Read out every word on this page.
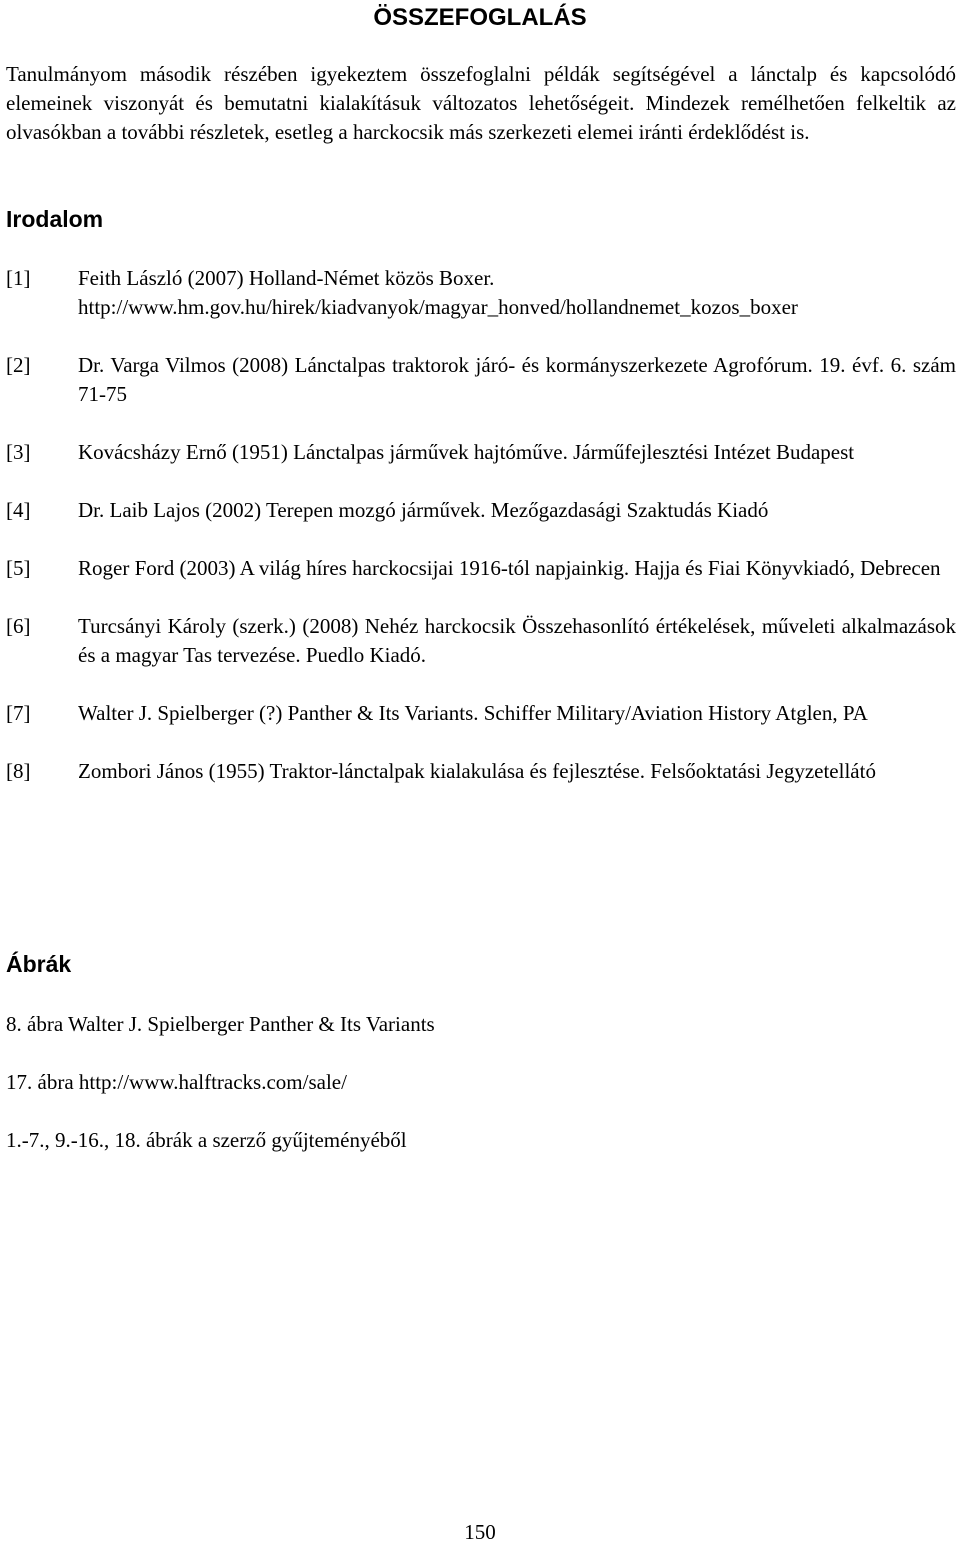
ÖSSZEFOGLALÁS

Tanulmányom második részében igyekeztem összefoglalni példák segítségével a lánctalp és kapcsolódó elemeinek viszonyát és bemutatni kialakításuk változatos lehetőségeit. Mindezek remélhetően felkeltik az olvasókban a további részletek, esetleg a harckocsik más szerkezeti elemei iránti érdeklődést is.

Irodalom
[1]	Feith László (2007) Holland-Német közös Boxer.
http://www.hm.gov.hu/hirek/kiadvanyok/magyar_honved/hollandnemet_kozos_boxer
[2]	Dr. Varga Vilmos (2008) Lánctalpas traktorok járó- és kormányszerkezete Agrofórum. 19. évf. 6. szám 71-75
[3]	Kovácsházy Ernő (1951) Lánctalpas járművek hajtóműve. Járműfejlesztési Intézet Budapest
[4]	Dr. Laib Lajos (2002) Terepen mozgó járművek. Mezőgazdasági Szaktudás Kiadó
[5]	Roger Ford (2003) A világ híres harckocsijai 1916-tól napjainkig. Hajja és Fiai Könyvkiadó, Debrecen
[6]	Turcsányi Károly (szerk.) (2008) Nehéz harckocsik Összehasonlító értékelések, műveleti alkalmazások és a magyar Tas tervezése. Puedlo Kiadó.
[7]	Walter J. Spielberger (?) Panther & Its Variants. Schiffer Military/Aviation History Atglen, PA
[8]	Zombori János (1955) Traktor-lánctalpak kialakulása és fejlesztése. Felsőoktatási Jegyzetellátó
Ábrák

8. ábra Walter J. Spielberger Panther & Its Variants

17. ábra http://www.halftracks.com/sale/

1.-7., 9.-16., 18. ábrák a szerző gyűjteményéből

150
